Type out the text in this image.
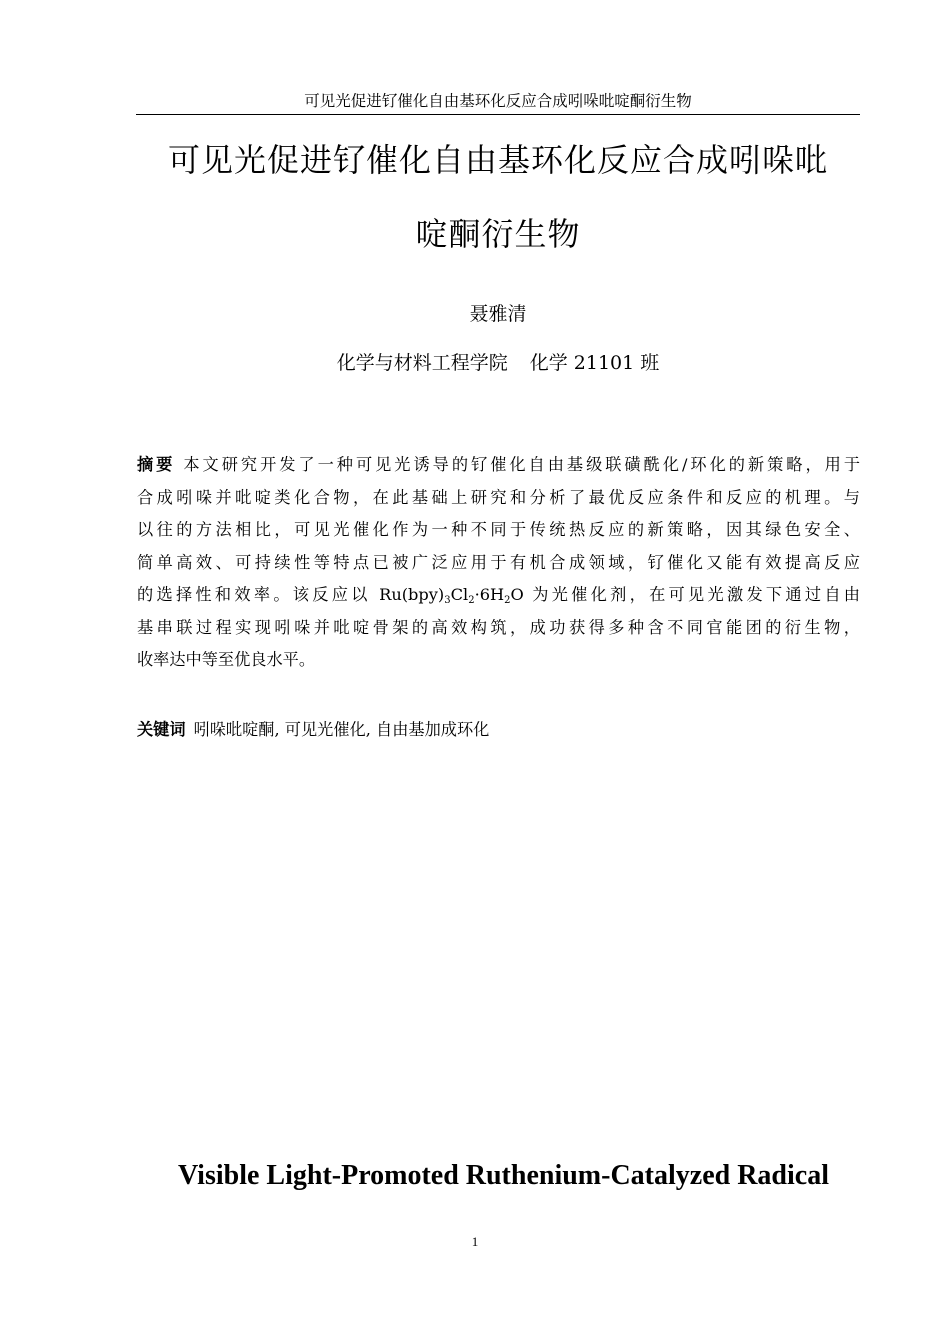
可见光促进钌催化自由基环化反应合成吲哚吡啶酮衍生物
可见光促进钌催化自由基环化反应合成吲哚吡
啶酮衍生物
聂雅清
化学与材料工程学院 化学 21101 班
摘要 本文研究开发了一种可见光诱导的钌催化自由基级联磺酰化/环化的新策略，用于
合成吲哚并吡啶类化合物，在此基础上研究和分析了最优反应条件和反应的机理。与
以往的方法相比，可见光催化作为一种不同于传统热反应的新策略，因其绿色安全、
简单高效、可持续性等特点已被广泛应用于有机合成领域，钌催化又能有效提高反应
的选择性和效率。该反应以 $Ru(bpy)_3Cl_2\cdot 6H_2O$ 为光催化剂，在可见光激发下通过自由
基串联过程实现吲哚并吡啶骨架的高效构筑，成功获得多种含不同官能团的衍生物，
收率达中等至优良水平。
关键词 吲哚吡啶酮, 可见光催化, 自由基加成环化
Visible Light-Promoted Ruthenium-Catalyzed Radical
1
